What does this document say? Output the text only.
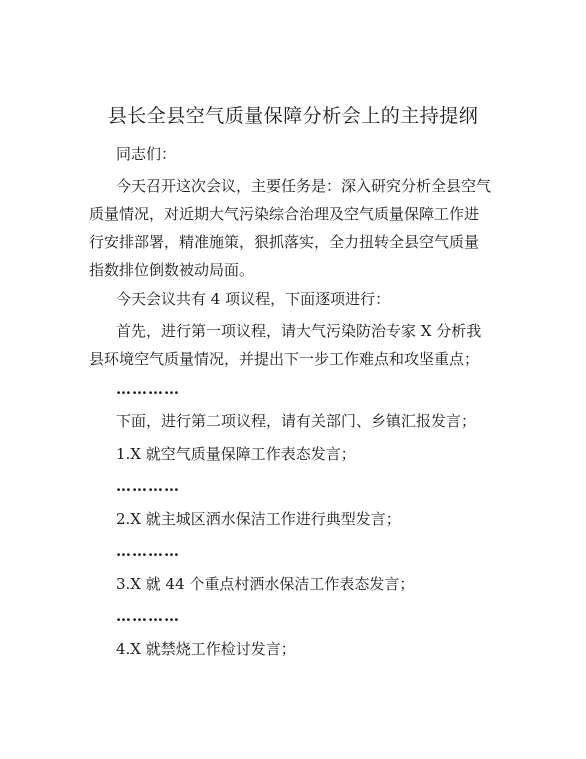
县长全县空气质量保障分析会上的主持提纲
同志们：

今天召开这次会议，主要任务是：深入研究分析全县空气质量情况，对近期大气污染综合治理及空气质量保障工作进行安排部署，精准施策，狠抓落实，全力扭转全县空气质量指数排位倒数被动局面。

今天会议共有 4 项议程，下面逐项进行：

首先，进行第一项议程，请大气污染防治专家 X 分析我县环境空气质量情况，并提出下一步工作难点和攻坚重点；

…………
下面，进行第二项议程，请有关部门、乡镇汇报发言；
1.X 就空气质量保障工作表态发言；
…………
2.X 就主城区洒水保洁工作进行典型发言；
…………
3.X 就 44 个重点村洒水保洁工作表态发言；
…………
4.X 就禁烧工作检讨发言；
